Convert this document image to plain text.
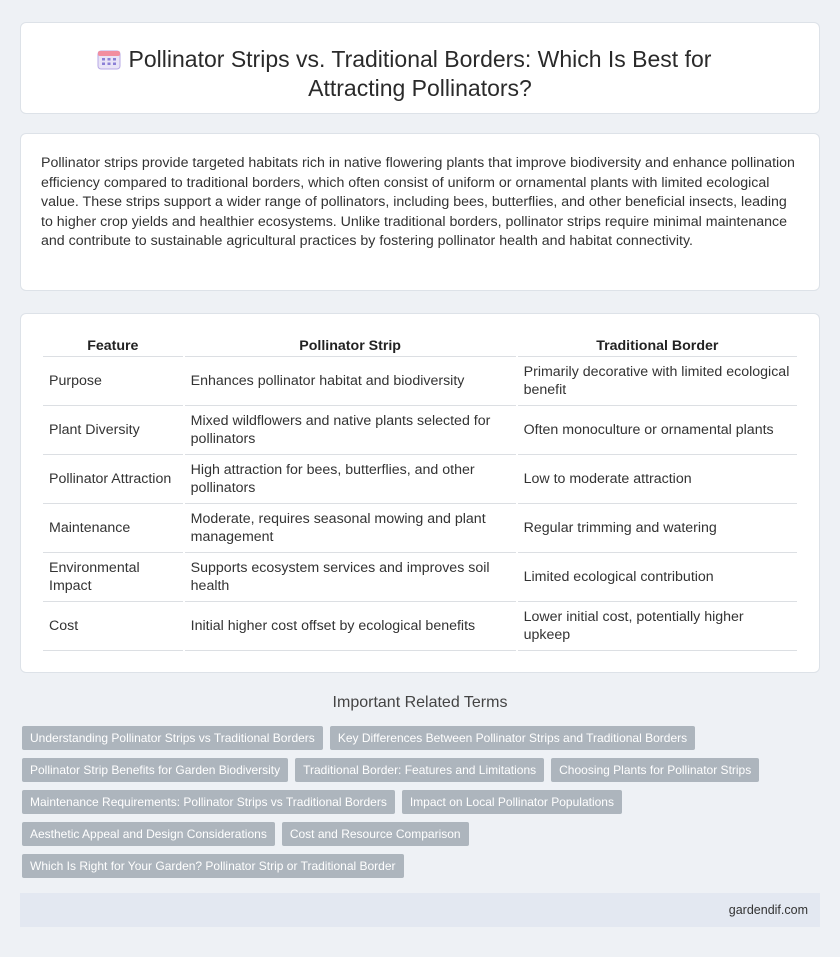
Pollinator Strips vs. Traditional Borders: Which Is Best for Attracting Pollinators?

Pollinator strips provide targeted habitats rich in native flowering plants that improve biodiversity and enhance pollination efficiency compared to traditional borders, which often consist of uniform or ornamental plants with limited ecological value. These strips support a wider range of pollinators, including bees, butterflies, and other beneficial insects, leading to higher crop yields and healthier ecosystems. Unlike traditional borders, pollinator strips require minimal maintenance and contribute to sustainable agricultural practices by fostering pollinator health and habitat connectivity.

Feature	Pollinator Strip	Traditional Border
Purpose	Enhances pollinator habitat and biodiversity	Primarily decorative with limited ecological benefit
Plant Diversity	Mixed wildflowers and native plants selected for pollinators	Often monoculture or ornamental plants
Pollinator Attraction	High attraction for bees, butterflies, and other pollinators	Low to moderate attraction
Maintenance	Moderate, requires seasonal mowing and plant management	Regular trimming and watering
Environmental Impact	Supports ecosystem services and improves soil health	Limited ecological contribution
Cost	Initial higher cost offset by ecological benefits	Lower initial cost, potentially higher upkeep
Important Related Terms
Understanding Pollinator Strips vs Traditional Borders	Key Differences Between Pollinator Strips and Traditional Borders
Pollinator Strip Benefits for Garden Biodiversity	Traditional Border: Features and Limitations	Choosing Plants for Pollinator Strips
Maintenance Requirements: Pollinator Strips vs Traditional Borders	Impact on Local Pollinator Populations
Aesthetic Appeal and Design Considerations	Cost and Resource Comparison
Which Is Right for Your Garden? Pollinator Strip or Traditional Border
gardendif.com
